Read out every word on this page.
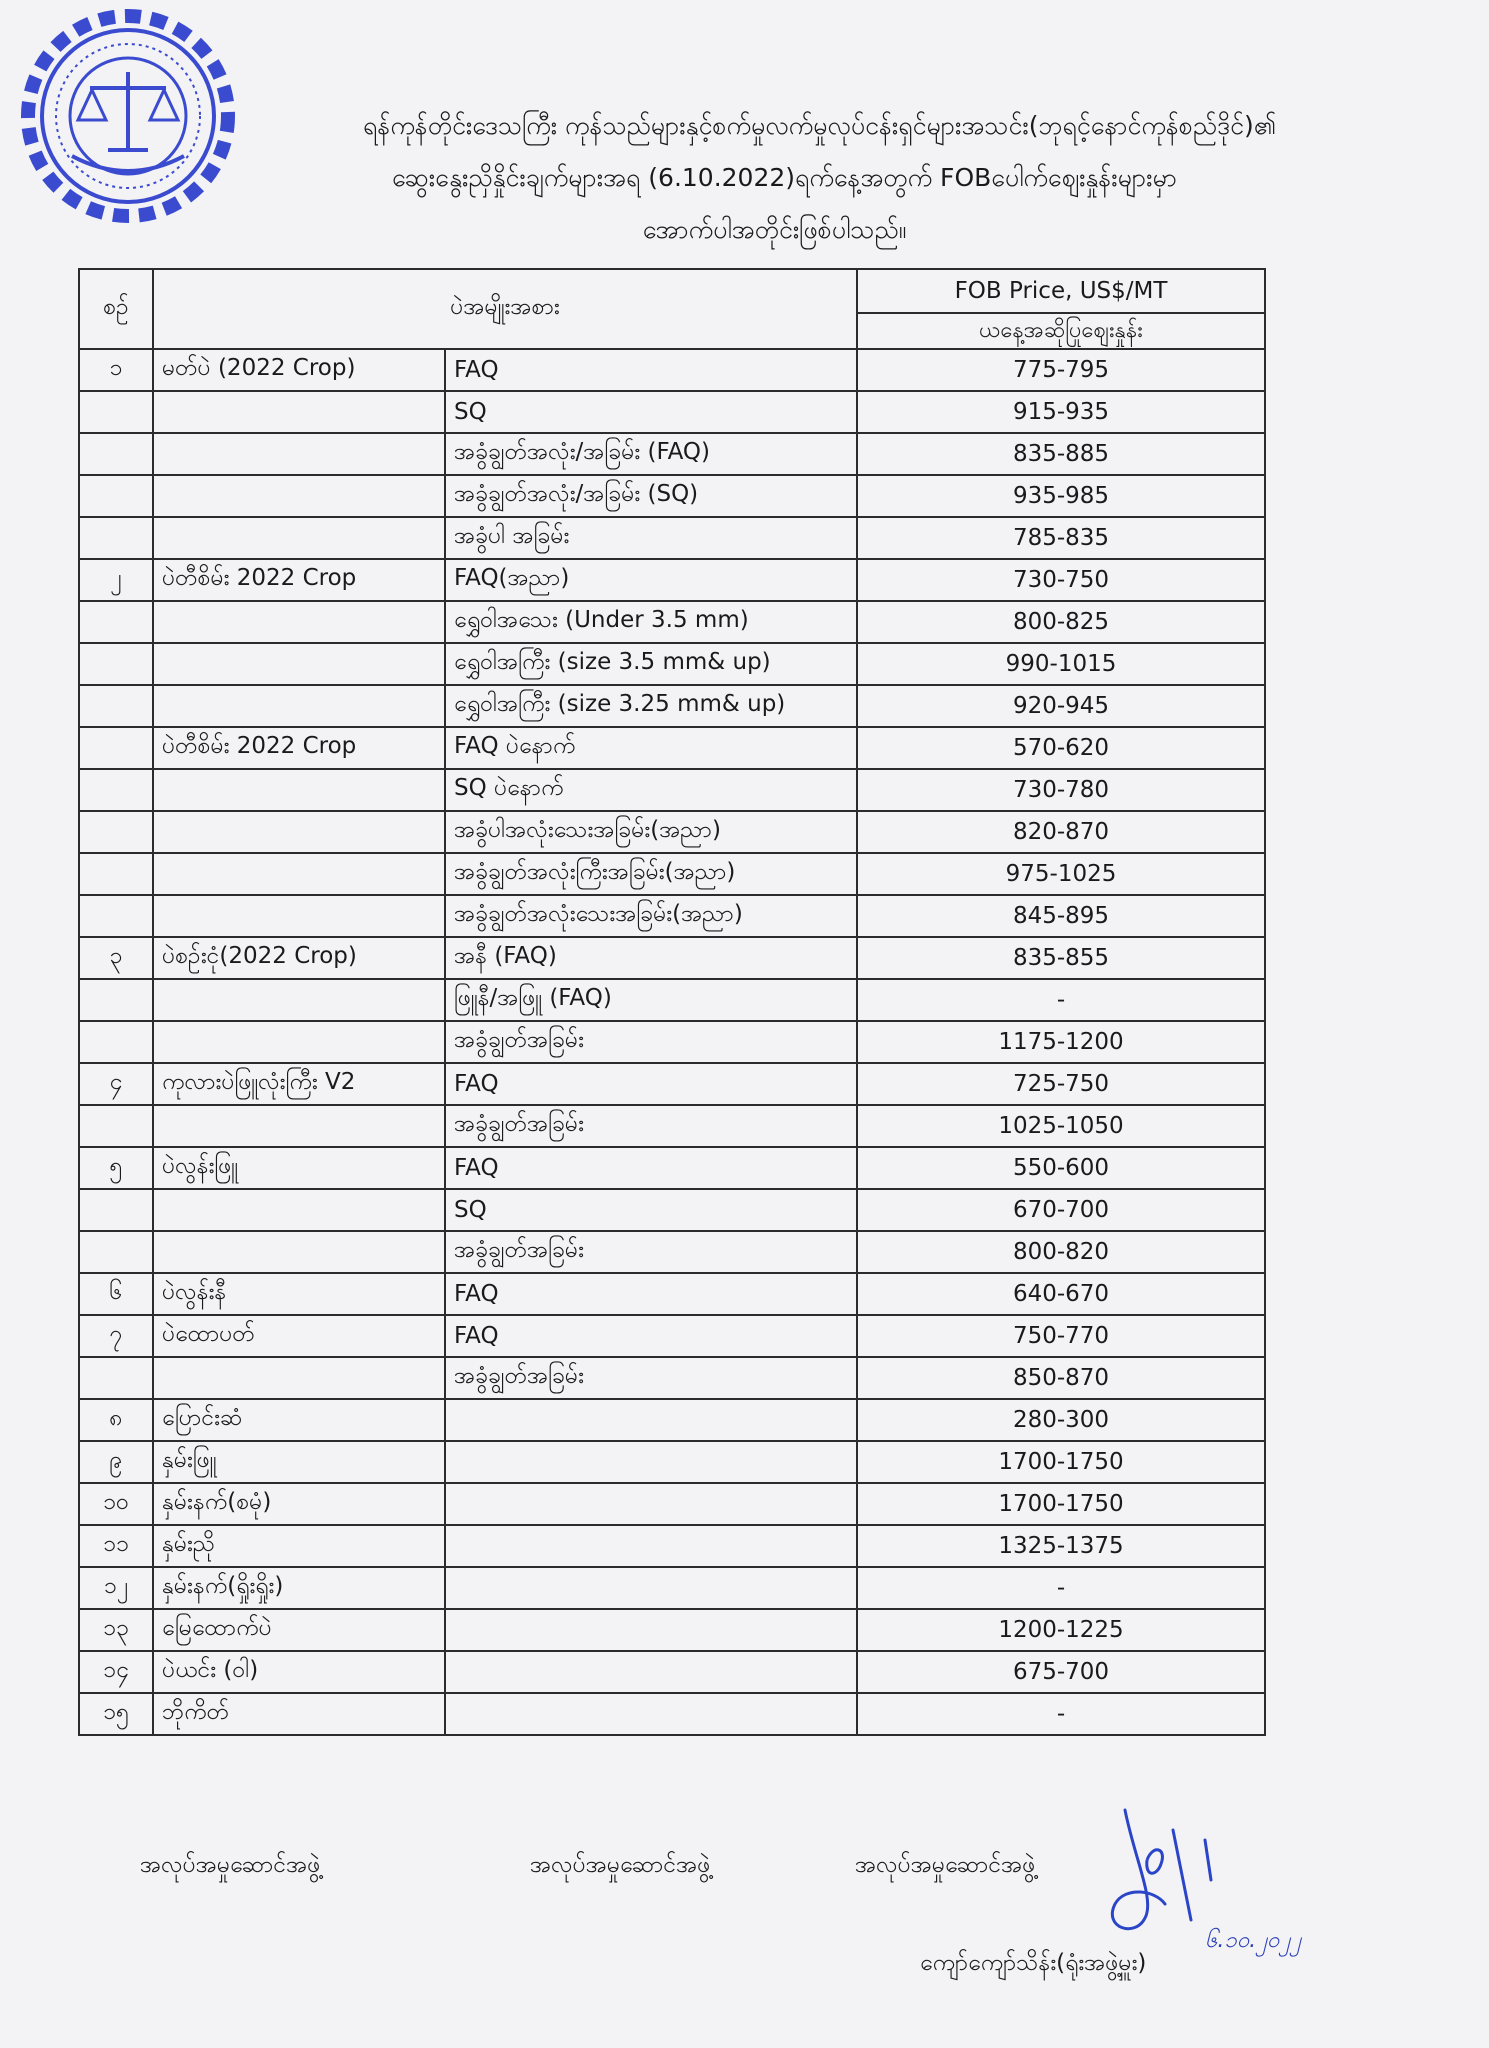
ရန်ကုန်တိုင်းဒေသကြီး ကုန်သည်များနှင့်စက်မှုလက်မှုလုပ်ငန်းရှင်များအသင်း(ဘုရင့်နောင်ကုန်စည်ဒိုင်)၏
ဆွေးနွေးညှိနှိုင်းချက်များအရ (6.10.2022)ရက်နေ့အတွက် FOBပေါက်ဈေးနှုန်းများမှာ
အောက်ပါအတိုင်းဖြစ်ပါသည်။
စဉ်	ပဲအမျိုးအစား		FOB Price, US$/MT
			ယနေ့အဆိုပြုဈေးနှုန်း
၁	မတ်ပဲ (2022 Crop)	FAQ	775-795
		SQ	915-935
		အခွံချွတ်အလုံး/အခြမ်း (FAQ)	835-885
		အခွံချွတ်အလုံး/အခြမ်း (SQ)	935-985
		အခွံပါ အခြမ်း	785-835
၂	ပဲတီစိမ်း 2022 Crop	FAQ(အညာ)	730-750
		ရွှေဝါအသေး (Under 3.5 mm)	800-825
		ရွှေဝါအကြီး (size 3.5 mm& up)	990-1015
		ရွှေဝါအကြီး (size 3.25 mm& up)	920-945
	ပဲတီစိမ်း 2022 Crop	FAQ ပဲနောက်	570-620
		SQ ပဲနောက်	730-780
		အခွံပါအလုံးသေးအခြမ်း(အညာ)	820-870
		အခွံချွတ်အလုံးကြီးအခြမ်း(အညာ)	975-1025
		အခွံချွတ်အလုံးသေးအခြမ်း(အညာ)	845-895
၃	ပဲစဉ်းငုံ(2022 Crop)	အနီ (FAQ)	835-855
		ဖြူနီ/အဖြူ (FAQ)	-
		အခွံချွတ်အခြမ်း	1175-1200
၄	ကုလားပဲဖြူလုံးကြီး V2	FAQ	725-750
		အခွံချွတ်အခြမ်း	1025-1050
၅	ပဲလွန်းဖြူ	FAQ	550-600
		SQ	670-700
		အခွံချွတ်အခြမ်း	800-820
၆	ပဲလွန်းနီ	FAQ	640-670
၇	ပဲထောပတ်	FAQ	750-770
		အခွံချွတ်အခြမ်း	850-870
၈	ပြောင်းဆံ		280-300
၉	နှမ်းဖြူ		1700-1750
၁၀	နှမ်းနက်(စမုံ)		1700-1750
၁၁	နှမ်းညို		1325-1375
၁၂	နှမ်းနက်(ရှိုးရှိုး)		-
၁၃	မြေထောက်ပဲ		1200-1225
၁၄	ပဲယင်း (ဝါ)		675-700
၁၅	ဘိုကိတ်		-
အလုပ်အမှုဆောင်အဖွဲ့	အလုပ်အမှုဆောင်အဖွဲ့	အလုပ်အမှုဆောင်အဖွဲ့
၆.၁၀.၂၀၂၂
ကျော်ကျော်သိန်း(ရုံးအဖွဲ့မှူး)
